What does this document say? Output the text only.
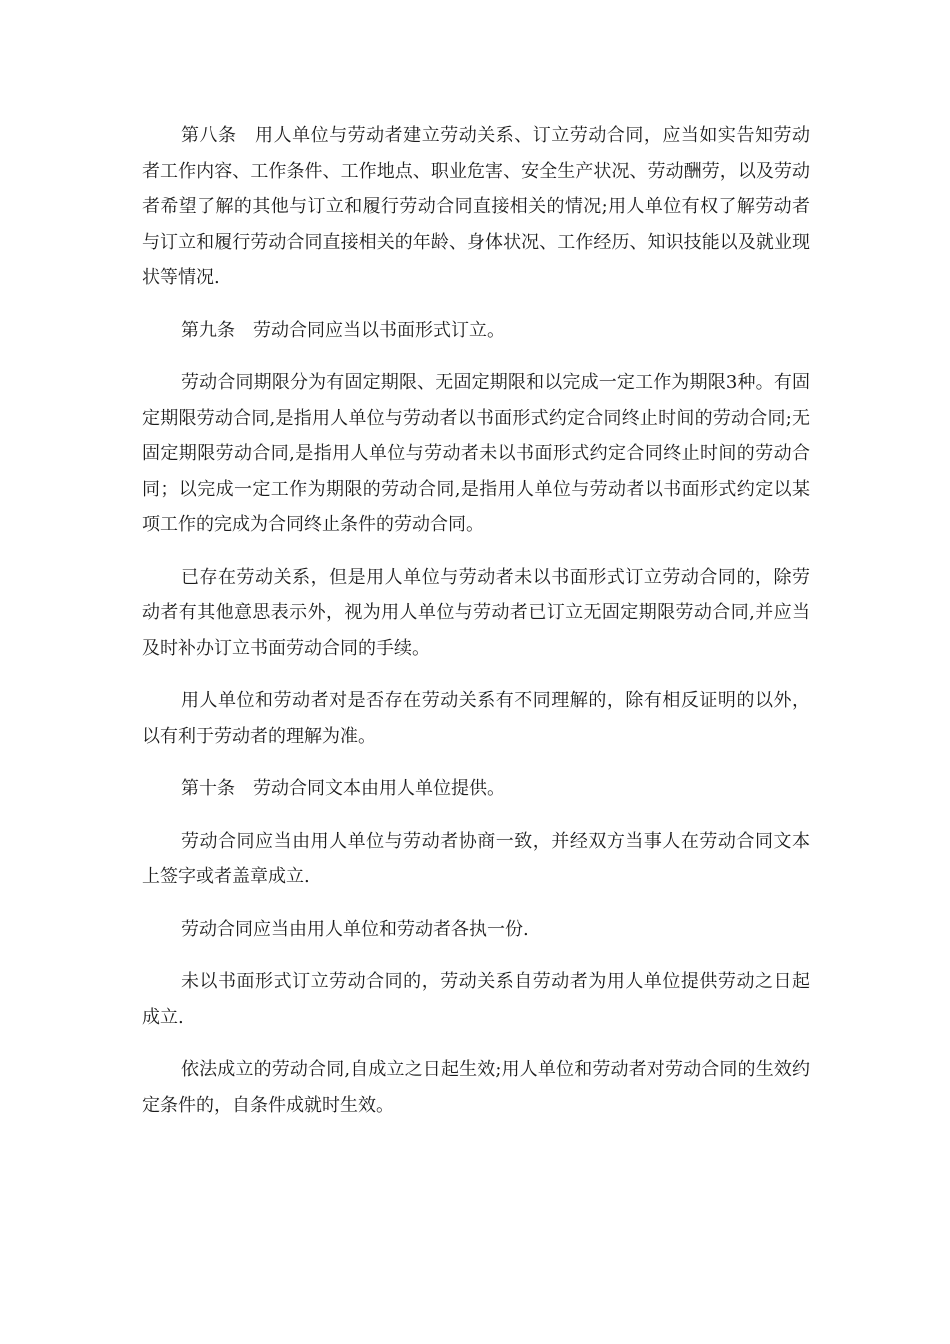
第八条　用人单位与劳动者建立劳动关系、订立劳动合同，应当如实告知劳动者工作内容、工作条件、工作地点、职业危害、安全生产状况、劳动酬劳，以及劳动者希望了解的其他与订立和履行劳动合同直接相关的情况;用人单位有权了解劳动者与订立和履行劳动合同直接相关的年龄、身体状况、工作经历、知识技能以及就业现状等情况.

第九条　劳动合同应当以书面形式订立。

劳动合同期限分为有固定期限、无固定期限和以完成一定工作为期限3种。有固定期限劳动合同,是指用人单位与劳动者以书面形式约定合同终止时间的劳动合同;无固定期限劳动合同,是指用人单位与劳动者未以书面形式约定合同终止时间的劳动合同；以完成一定工作为期限的劳动合同,是指用人单位与劳动者以书面形式约定以某项工作的完成为合同终止条件的劳动合同。

已存在劳动关系，但是用人单位与劳动者未以书面形式订立劳动合同的，除劳动者有其他意思表示外，视为用人单位与劳动者已订立无固定期限劳动合同,并应当及时补办订立书面劳动合同的手续。

用人单位和劳动者对是否存在劳动关系有不同理解的，除有相反证明的以外，以有利于劳动者的理解为准。

第十条　劳动合同文本由用人单位提供。

劳动合同应当由用人单位与劳动者协商一致，并经双方当事人在劳动合同文本上签字或者盖章成立.

劳动合同应当由用人单位和劳动者各执一份.

未以书面形式订立劳动合同的，劳动关系自劳动者为用人单位提供劳动之日起成立.

依法成立的劳动合同,自成立之日起生效;用人单位和劳动者对劳动合同的生效约定条件的，自条件成就时生效。
